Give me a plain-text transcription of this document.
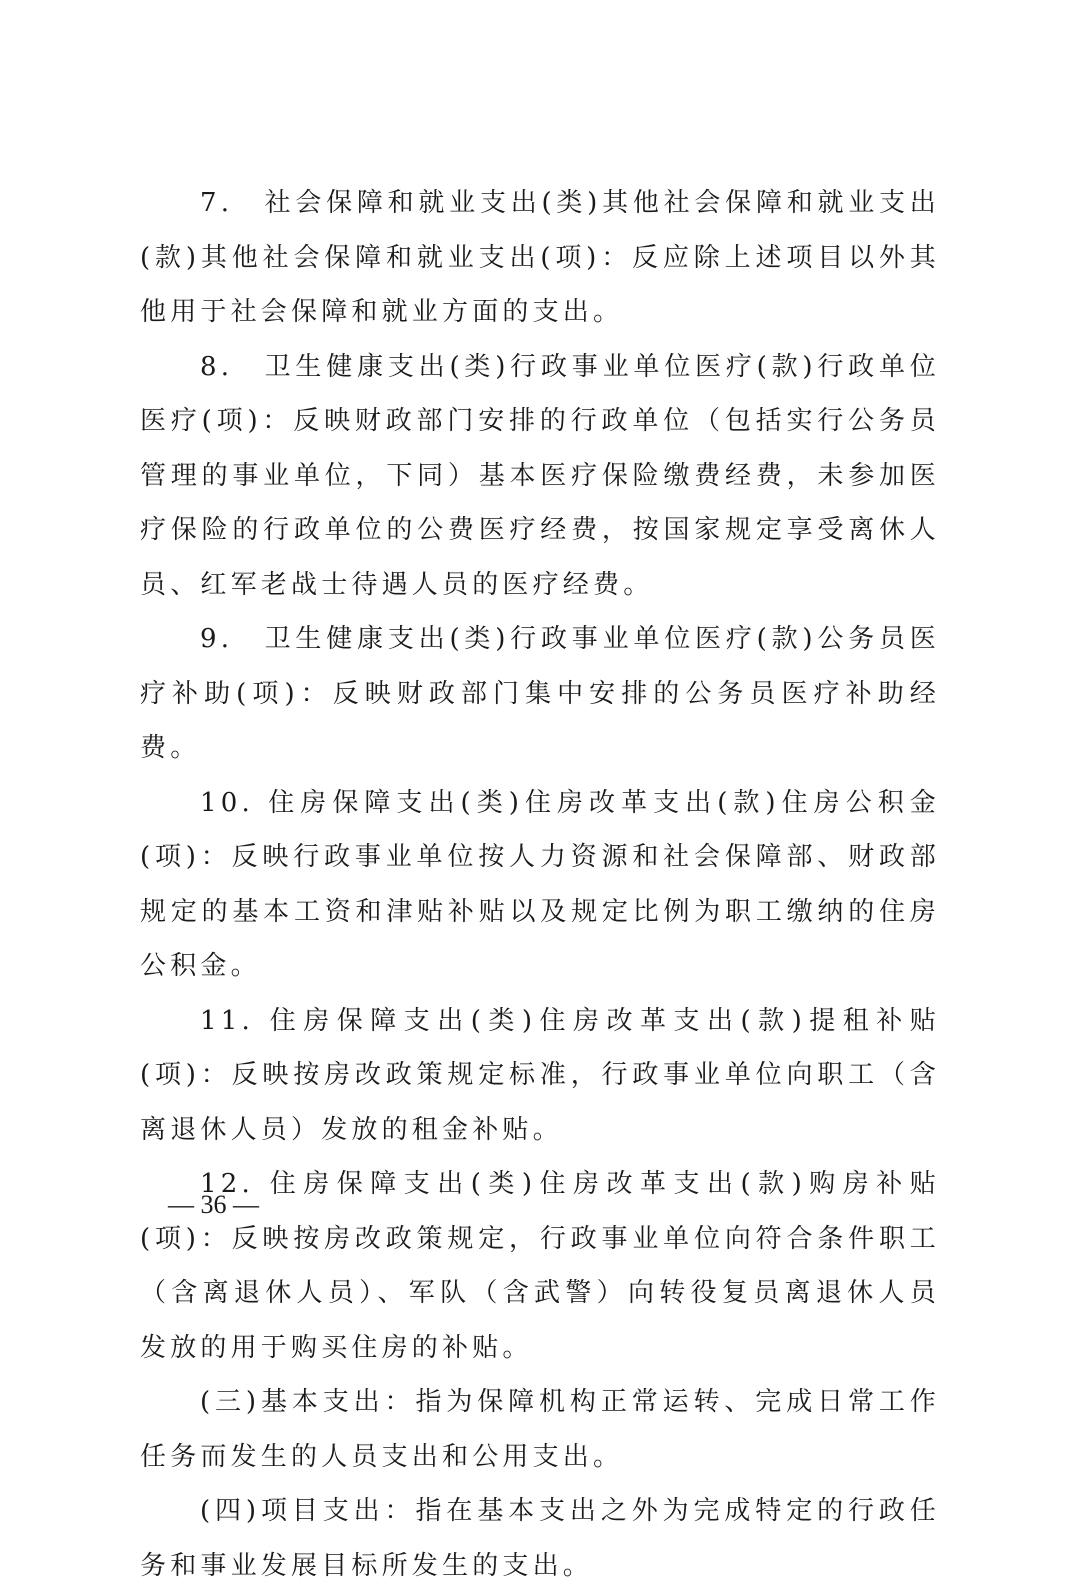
7.　社会保障和就业支出(类)其他社会保障和就业支出(款)其他社会保障和就业支出(项)：反应除上述项目以外其他用于社会保障和就业方面的支出。

8.　卫生健康支出(类)行政事业单位医疗(款)行政单位医疗(项)：反映财政部门安排的行政单位（包括实行公务员管理的事业单位，下同）基本医疗保险缴费经费，未参加医疗保险的行政单位的公费医疗经费，按国家规定享受离休人员、红军老战士待遇人员的医疗经费。

9.　卫生健康支出(类)行政事业单位医疗(款)公务员医疗补助(项)：反映财政部门集中安排的公务员医疗补助经费。

10. 住房保障支出(类)住房改革支出(款)住房公积金(项)：反映行政事业单位按人力资源和社会保障部、财政部规定的基本工资和津贴补贴以及规定比例为职工缴纳的住房公积金。

11. 住房保障支出(类)住房改革支出(款)提租补贴(项)：反映按房改政策规定标准，行政事业单位向职工（含离退休人员）发放的租金补贴。

12. 住房保障支出(类)住房改革支出(款)购房补贴(项)：反映按房改政策规定，行政事业单位向符合条件职工（含离退休人员）、军队（含武警）向转役复员离退休人员发放的用于购买住房的补贴。

(三)基本支出：指为保障机构正常运转、完成日常工作任务而发生的人员支出和公用支出。

(四)项目支出：指在基本支出之外为完成特定的行政任务和事业发展目标所发生的支出。

— 36 —
